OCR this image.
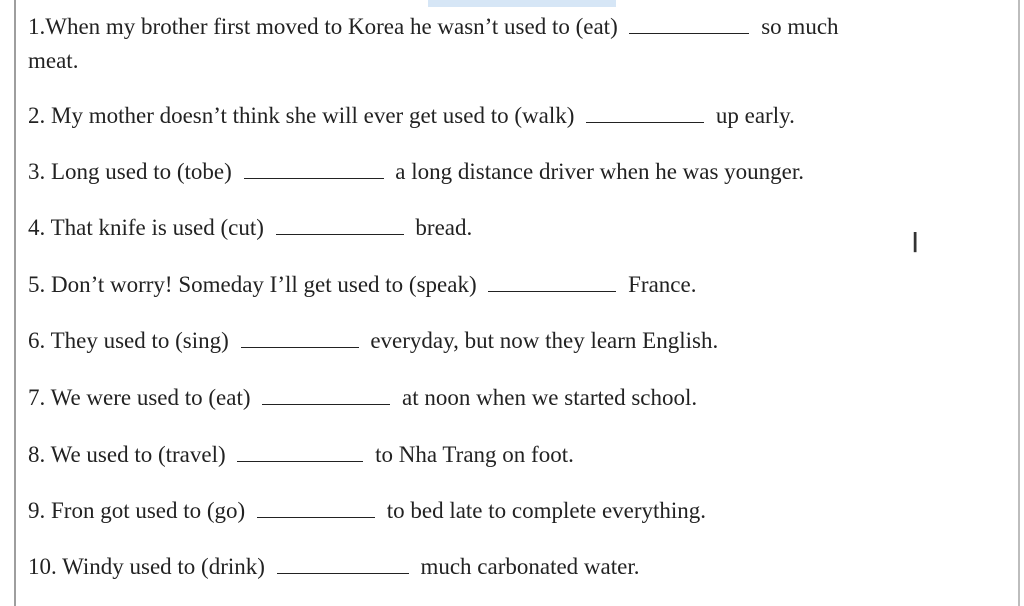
1.When my brother first moved to Korea he wasn’t used to (eat)	so much
meat.
2. My mother doesn’t think she will ever get used to (walk)	up early.
3. Long used to (tobe)	a long distance driver when he was younger.
4. That knife is used (cut)	bread.
5. Don’t worry! Someday I’ll get used to (speak)	France.
6. They used to (sing)	everyday, but now they learn English.
7. We were used to (eat)	at noon when we started school.
8. We used to (travel)	to Nha Trang on foot.
9. Fron got used to (go)	to bed late to complete everything.
10. Windy used to (drink)	much carbonated water.
I
